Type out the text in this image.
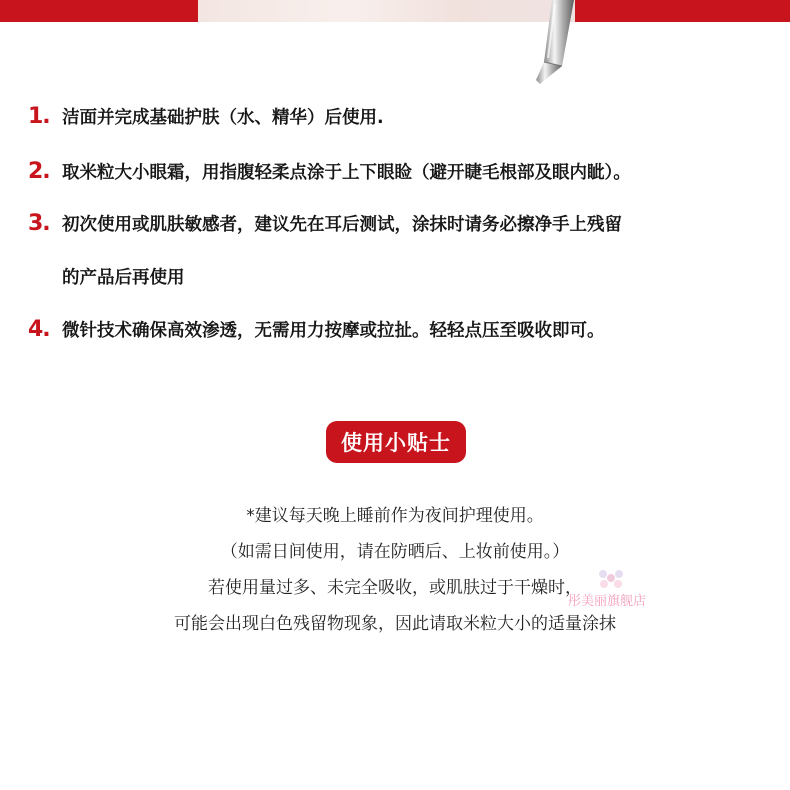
1. 洁面并完成基础护肤（水、精华）后使用.
2. 取米粒大小眼霜，用指腹轻柔点涂于上下眼睑（避开睫毛根部及眼内眦）。
3. 初次使用或肌肤敏感者，建议先在耳后测试，涂抹时请务必擦净手上残留
的产品后再使用
4. 微针技术确保高效渗透，无需用力按摩或拉扯。轻轻点压至吸收即可。
使用小贴士
*建议每天晚上睡前作为夜间护理使用。
（如需日间使用，请在防晒后、上妆前使用。）
若使用量过多、未完全吸收，或肌肤过于干燥时，
可能会出现白色残留物现象，因此请取米粒大小的适量涂抹
彤美丽旗舰店
